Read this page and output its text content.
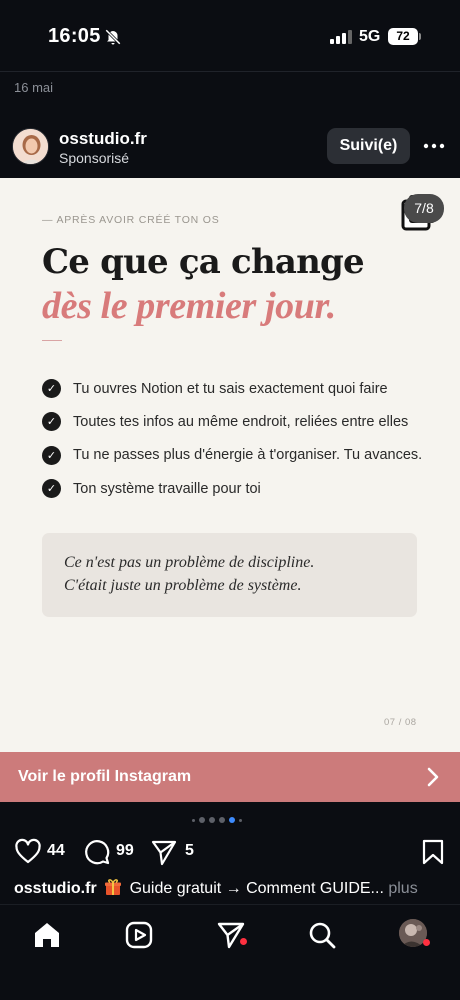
16:05	5G	72
16 mai
osstudio.fr
Sponsorisé
Suivi(e)
— APRÈS AVOIR CRÉÉ TON OS
7/8
Ce que ça change
dès le premier jour.
✓	Tu ouvres Notion et tu sais exactement quoi faire
✓	Toutes tes infos au même endroit, reliées entre elles
✓	Tu ne passes plus d'énergie à t'organiser. Tu avances.
✓	Ton système travaille pour toi
Ce n'est pas un problème de discipline.
C'était juste un problème de système.
07 / 08
Voir le profil Instagram
44	99	5
osstudio.fr Guide gratuit → Comment GUIDE... plus
